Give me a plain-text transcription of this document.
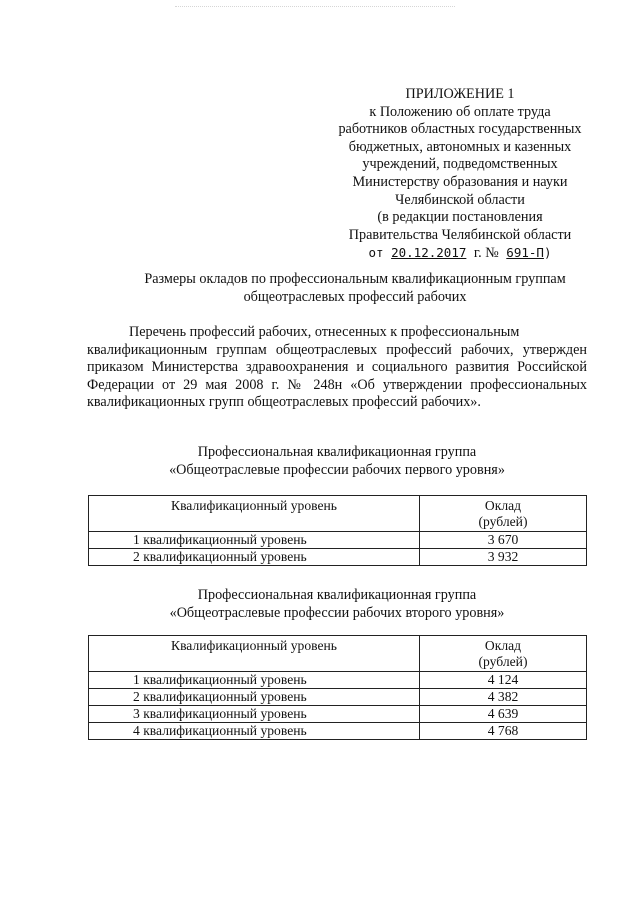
ПРИЛОЖЕНИЕ 1
к Положению об оплате труда
работников областных государственных
бюджетных, автономных и казенных
учреждений, подведомственных
Министерству образования и науки
Челябинской области
(в редакции постановления
Правительства Челябинской области
от 20.12.2017 г. № 691-П)
Размеры окладов по профессиональным квалификационным группам
общеотраслевых профессий рабочих
Перечень профессий рабочих, отнесенных к профессиональным
квалификационным группам общеотраслевых профессий рабочих, утвержден приказом Министерства здравоохранения и социального развития Российской Федерации от 29 мая 2008 г. № 248н «Об утверждении профессиональных квалификационных групп общеотраслевых профессий рабочих».
Профессиональная квалификационная группа
«Общеотраслевые профессии рабочих первого уровня»
Квалификационный уровень	Оклад
(рублей)

1 квалификационный уровень	3 670
2 квалификационный уровень	3 932
Профессиональная квалификационная группа
«Общеотраслевые профессии рабочих второго уровня»
Квалификационный уровень	Оклад
(рублей)

1 квалификационный уровень	4 124
2 квалификационный уровень	4 382
3 квалификационный уровень	4 639
4 квалификационный уровень	4 768
